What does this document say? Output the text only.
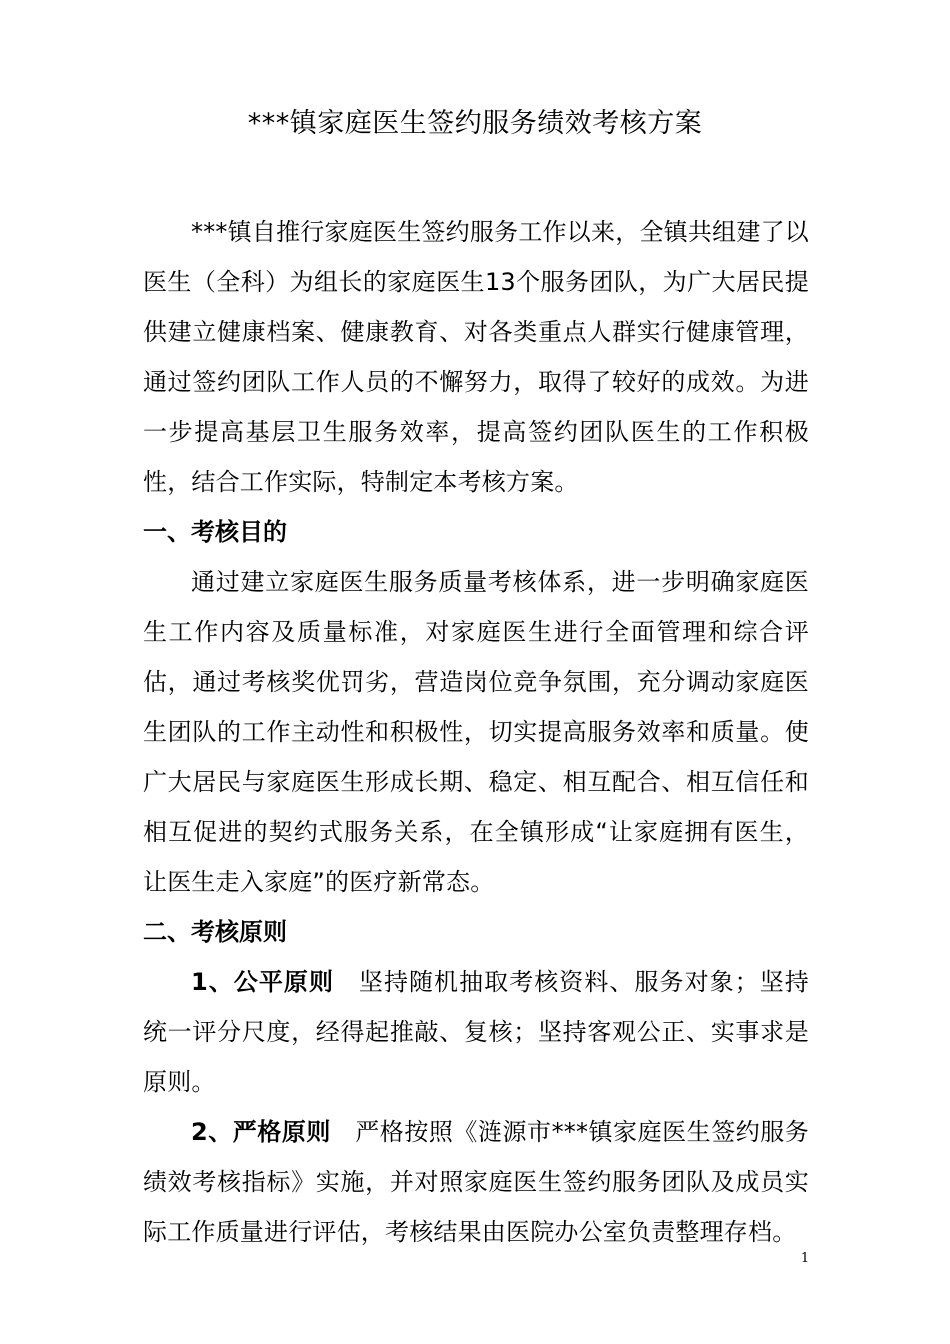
***镇家庭医生签约服务绩效考核方案

***镇自推行家庭医生签约服务工作以来，全镇共组建了以医生（全科）为组长的家庭医生13个服务团队，为广大居民提供建立健康档案、健康教育、对各类重点人群实行健康管理，通过签约团队工作人员的不懈努力，取得了较好的成效。为进一步提高基层卫生服务效率，提高签约团队医生的工作积极性，结合工作实际，特制定本考核方案。

一、考核目的

通过建立家庭医生服务质量考核体系，进一步明确家庭医生工作内容及质量标准，对家庭医生进行全面管理和综合评估，通过考核奖优罚劣，营造岗位竞争氛围，充分调动家庭医生团队的工作主动性和积极性，切实提高服务效率和质量。使广大居民与家庭医生形成长期、稳定、相互配合、相互信任和相互促进的契约式服务关系，在全镇形成“让家庭拥有医生，让医生走入家庭”的医疗新常态。

二、考核原则

1、公平原则 坚持随机抽取考核资料、服务对象；坚持统一评分尺度，经得起推敲、复核；坚持客观公正、实事求是原则。

2、严格原则 严格按照《涟源市***镇家庭医生签约服务绩效考核指标》实施，并对照家庭医生签约服务团队及成员实际工作质量进行评估，考核结果由医院办公室负责整理存档。

1
